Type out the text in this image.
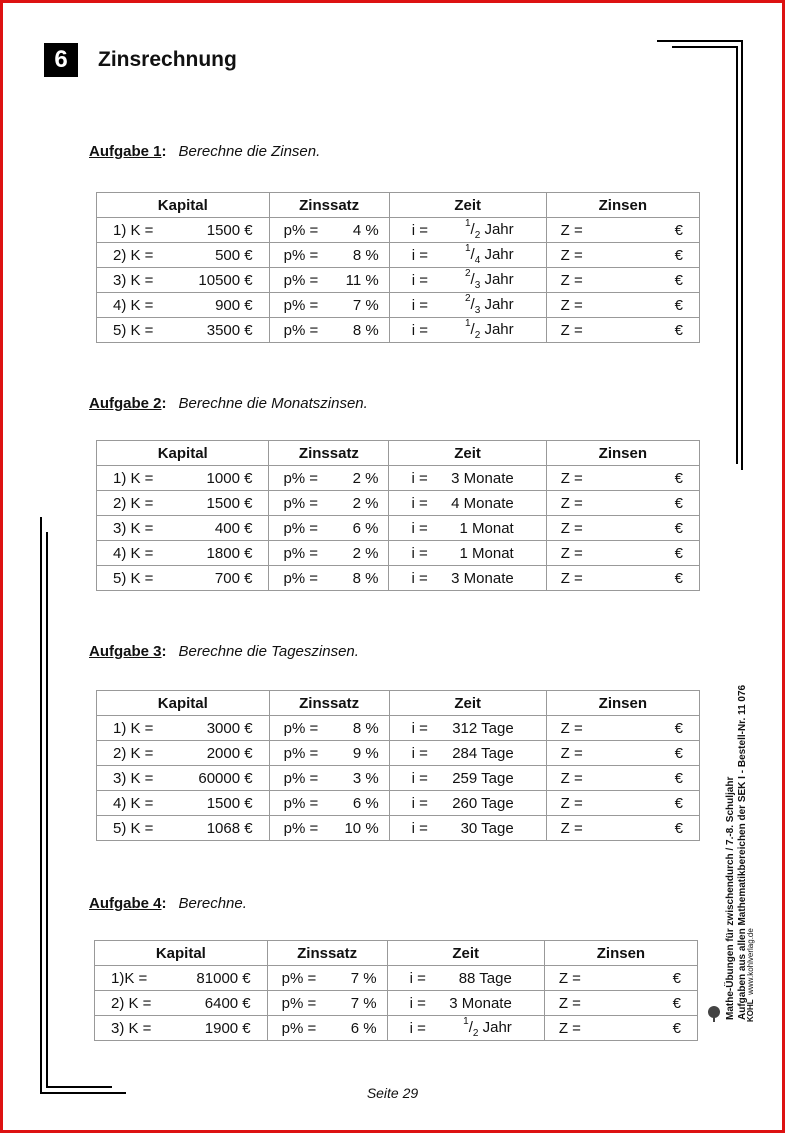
6	Zinsrechnung
Aufgabe 1: Berechne die Zinsen.
Kapital	Zinssatz	Zeit	Zinsen

1) K = 1500 €	p% = 4 %	$i = ^1/_2$ Jahr	Z = €

2) K = 500 €	p% = 8 %	$i = ^1/_4$ Jahr	Z = €

3) K = 10500 €	p% = 11 %	$i = ^2/_3$ Jahr	Z = €

4) K = 900 €	p% = 7 %	$i = ^2/_3$ Jahr	Z = €

5) K = 3500 €	p% = 8 %	$i = ^1/_2$ Jahr	Z = €
Aufgabe 2: Berechne die Monatszinsen.
Kapital	Zinssatz	Zeit	Zinsen

1) K = 1000 €	p% = 2 %	i = 3 Monate	Z = €

2) K = 1500 €	p% = 2 %	i = 4 Monate	Z = €

3) K = 400 €	p% = 6 %	i = 1 Monat	Z = €

4) K = 1800 €	p% = 2 %	i = 1 Monat	Z = €

5) K = 700 €	p% = 8 %	i = 3 Monate	Z = €
Aufgabe 3: Berechne die Tageszinsen.
Kapital	Zinssatz	Zeit	Zinsen

1) K = 3000 €	p% = 8 %	i = 312 Tage	Z = €

2) K = 2000 €	p% = 9 %	i = 284 Tage	Z = €

3) K = 60000 €	p% = 3 %	i = 259 Tage	Z = €

4) K = 1500 €	p% = 6 %	i = 260 Tage	Z = €

5) K = 1068 €	p% = 10 %	i = 30 Tage	Z = €
Aufgabe 4: Berechne.
Kapital	Zinssatz	Zeit	Zinsen

1)K = 81000 €	p% = 7 %	i = 88 Tage	Z = €

2) K = 6400 €	p% = 7 %	i = 3 Monate	Z = €

3) K = 1900 €	p% = 6 %	$i = ^1/_2$ Jahr	Z = €
Mathe-Übungen für zwischendurch / 7.-8. Schuljahr Aufgaben aus allen Mathematikbereichen der SEK I - Bestell-Nr. 11 076
KOHL  www.kohlverlag.de
Seite 29
